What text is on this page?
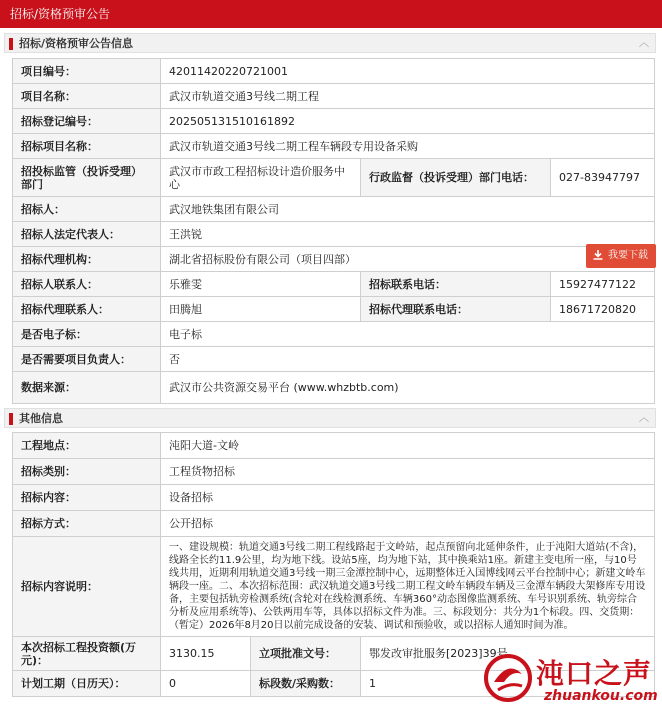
招标/资格预审公告
招标/资格预审公告信息	︿
项目编号：	42011420220721001		
项目名称：	武汉市轨道交通3号线二期工程		
招标登记编号：	20250513151016189​2		
招标项目名称：	武汉市轨道交通3号线二期工程车辆段专用设备采购		
招投标监管（投诉受理）部门	武汉市市政工程招标设计造价服务中心	行政监督（投诉受理）部门电话：	027-83947797
招标人：	武汉地铁集团有限公司		
招标人法定代表人：	王洪锐		
招标代理机构：	湖北省招标股份有限公司（项目四部）		
招标人联系人：	乐雅雯	招标联系电话：	15927477122
招标代理联系人：	田腾旭	招标代理联系电话：	18671720820
是否电子标：	电子标		
是否需要项目负责人：	否		
数据来源：	武汉市公共资源交易平台 (www.whzbtb.com)		
我要下载
其他信息	︿
工程地点：	沌阳大道-文岭		
招标类别：	工程货物招标		
招标内容：	设备招标		
招标方式：	公开招标		
招标内容说明：	一、建设规模：轨道交通3号线二期工程线路起于文岭站，起点预留向北延伸条件，止于沌阳大道站(不含)，线路全长约11.9公里，均为地下线。设站5座，均为地下站，其中换乘站1座。新建主变电所一座，与10号线共用，近期利用轨道交通3号线一期三金潭控制中心，远期整体迁入国博线网云平台控制中心；新建文岭车辆段一座。二、本次招标范围：武汉轨道交通3号线二期工程文岭车辆段车辆及三金潭车辆段大架修库专用设备，主要包括轨旁检测系统(含轮对在线检测系统、车辆360°动态图像监测系统、车号识别系统、轨旁综合分析及应用系统等)、公铁两用车等，具体以招标文件为准。三、标段划分：共分为1个标段。四、交货期：（暂定）2026年8月20日以前完成设备的安装、调试和预验收，或以招标人通知时间为准。		
本次招标工程投资额(万元)：	3130.15	立项批准文号：	鄂发改审批服务[2023]39号
计划工期（日历天）：	0	标段数/采购数：	1	沌口之声
zhuankou.com
